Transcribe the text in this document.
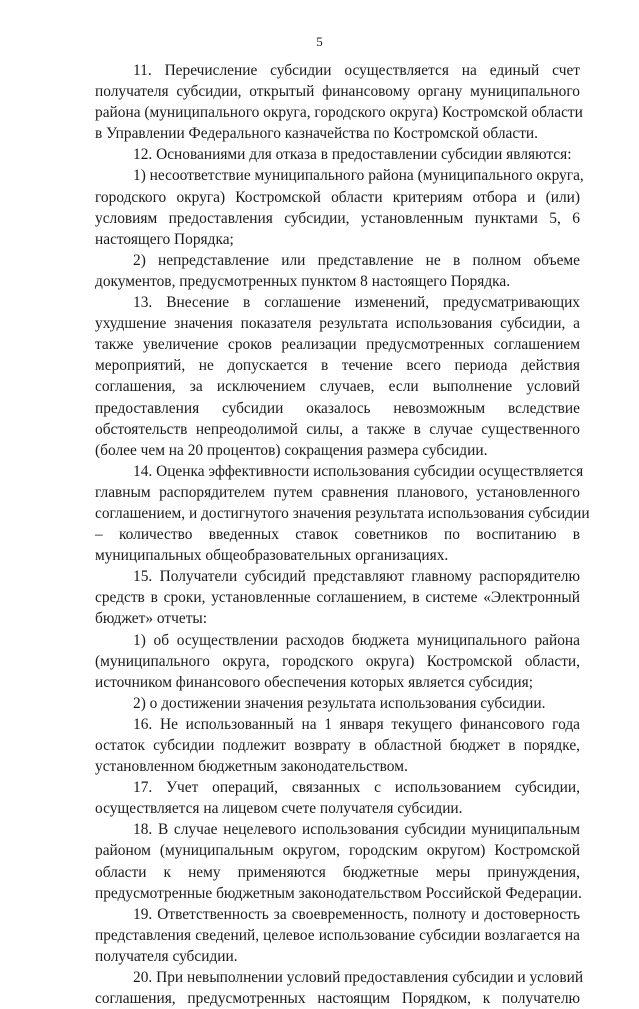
5
11. Перечисление субсидии осуществляется на единый счет
получателя субсидии, открытый финансовому органу муниципального
района (муниципального округа, городского округа) Костромской области
в Управлении Федерального казначейства по Костромской области.
12. Основаниями для отказа в предоставлении субсидии являются:
1) несоответствие муниципального района (муниципального округа,
городского округа) Костромской области критериям отбора и (или)
условиям предоставления субсидии, установленным пунктами 5, 6
настоящего Порядка;
2) непредставление или представление не в полном объеме
документов, предусмотренных пунктом 8 настоящего Порядка.
13. Внесение в соглашение изменений, предусматривающих
ухудшение значения показателя результата использования субсидии, а
также увеличение сроков реализации предусмотренных соглашением
мероприятий, не допускается в течение всего периода действия
соглашения, за исключением случаев, если выполнение условий
предоставления субсидии оказалось невозможным вследствие
обстоятельств непреодолимой силы, а также в случае существенного
(более чем на 20 процентов) сокращения размера субсидии.
14. Оценка эффективности использования субсидии осуществляется
главным распорядителем путем сравнения планового, установленного
соглашением, и достигнутого значения результата использования субсидии
– количество введенных ставок советников по воспитанию в
муниципальных общеобразовательных организациях.
15. Получатели субсидий представляют главному распорядителю
средств в сроки, установленные соглашением, в системе «Электронный
бюджет» отчеты:
1) об осуществлении расходов бюджета муниципального района
(муниципального округа, городского округа) Костромской области,
источником финансового обеспечения которых является субсидия;
2) о достижении значения результата использования субсидии.
16. Не использованный на 1 января текущего финансового года
остаток субсидии подлежит возврату в областной бюджет в порядке,
установленном бюджетным законодательством.
17. Учет операций, связанных с использованием субсидии,
осуществляется на лицевом счете получателя субсидии.
18. В случае нецелевого использования субсидии муниципальным
районом (муниципальным округом, городским округом) Костромской
области к нему применяются бюджетные меры принуждения,
предусмотренные бюджетным законодательством Российской Федерации.
19. Ответственность за своевременность, полноту и достоверность
представления сведений, целевое использование субсидии возлагается на
получателя субсидии.
20. При невыполнении условий предоставления субсидии и условий
соглашения, предусмотренных настоящим Порядком, к получателю
